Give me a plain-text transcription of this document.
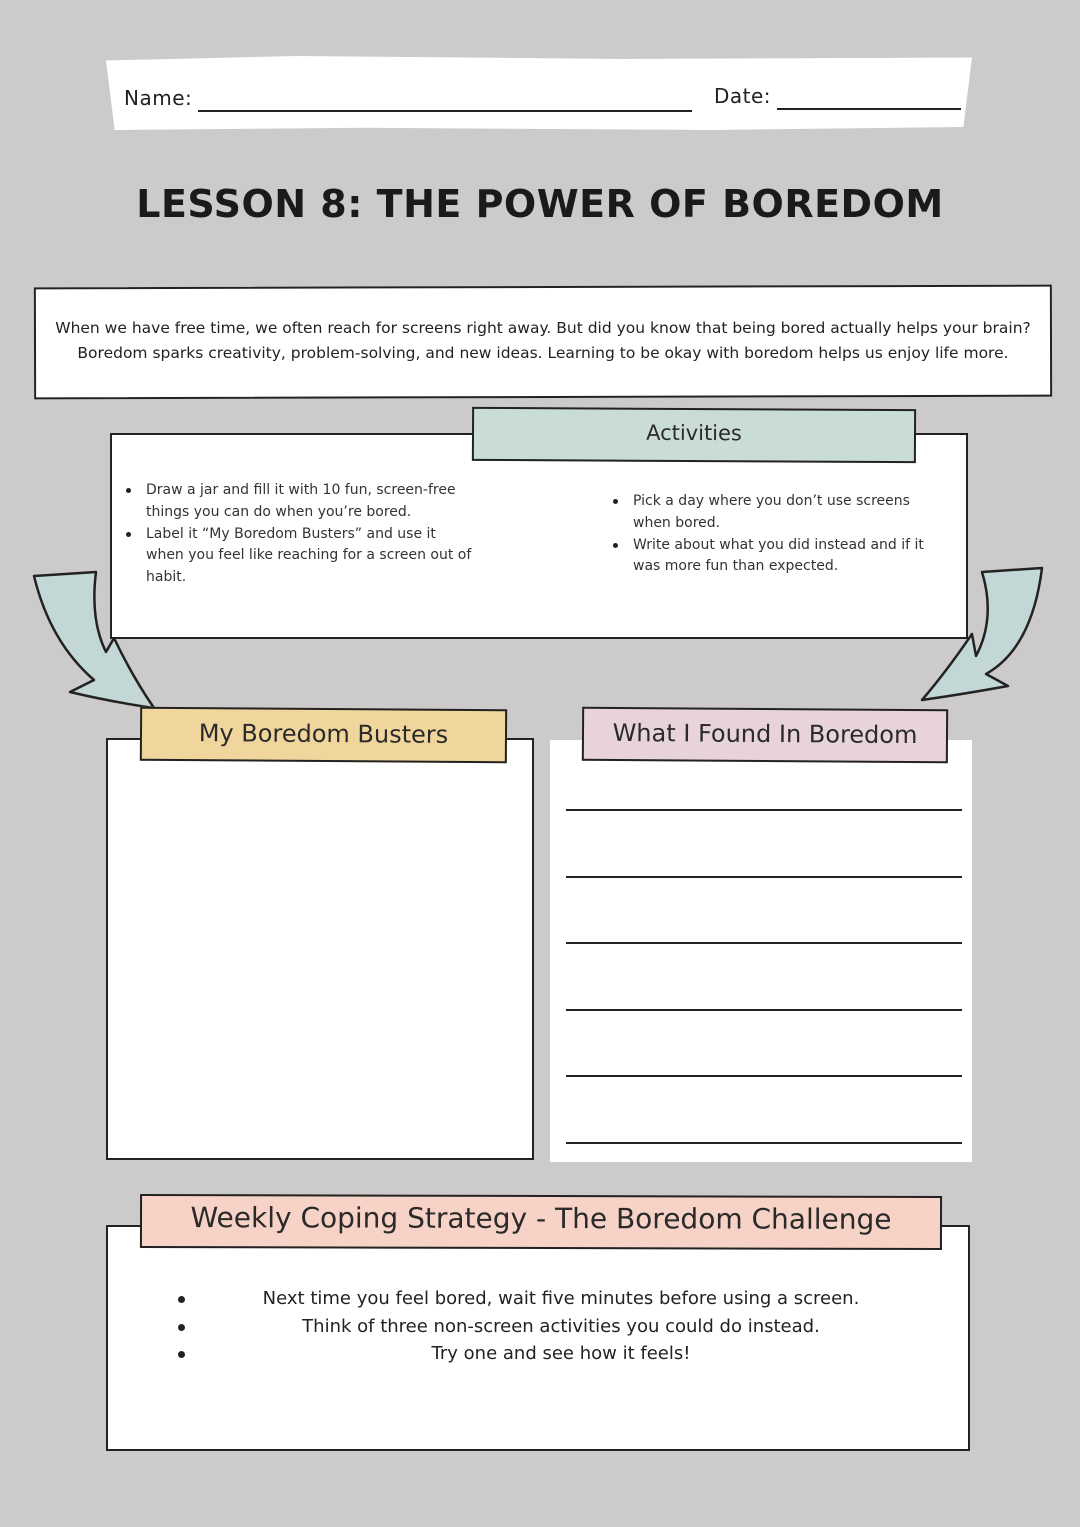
Name:	Date:
LESSON 8: THE POWER OF BOREDOM
When we have free time, we often reach for screens right away. But did you know that being bored actually helps your brain?
Boredom sparks creativity, problem-solving, and new ideas. Learning to be okay with boredom helps us enjoy life more.
Activities
Draw a jar and fill it with 10 fun, screen-free things you can do when you’re bored.
Label it “My Boredom Busters” and use it when you feel like reaching for a screen out of habit.
Pick a day where you don’t use screens when bored.
Write about what you did instead and if it was more fun than expected.
My Boredom Busters	What I Found In Boredom
Weekly Coping Strategy - The Boredom Challenge
Next time you feel bored, wait five minutes before using a screen.
Think of three non-screen activities you could do instead.
Try one and see how it feels!
